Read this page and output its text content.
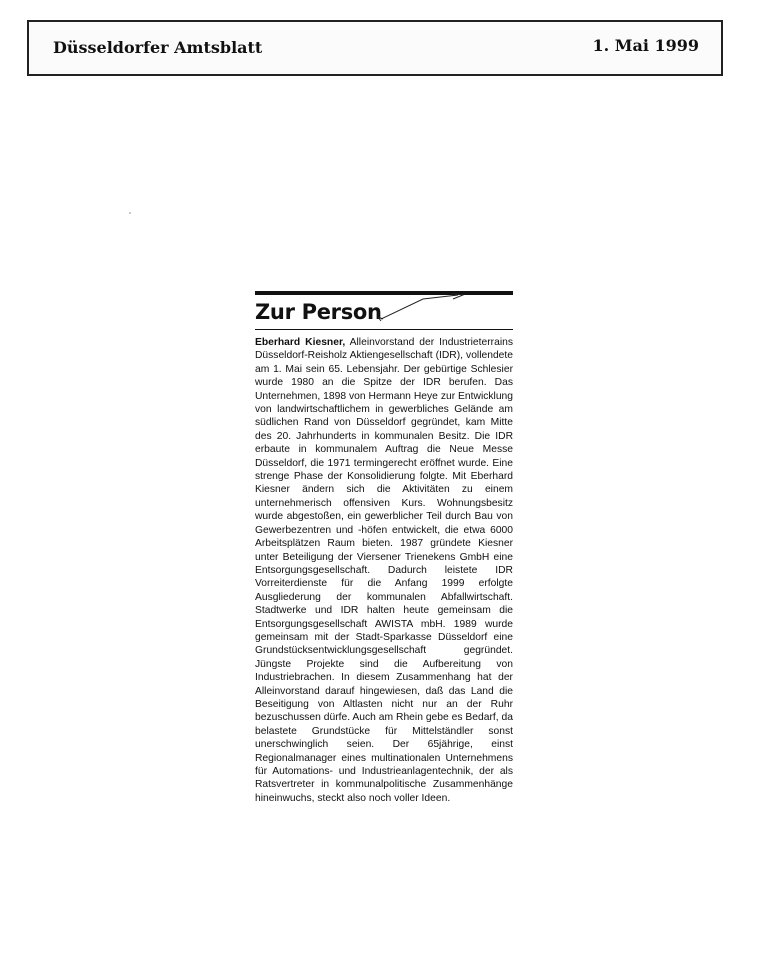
Düsseldorfer Amtsblatt	1. Mai 1999
Zur Person

Eberhard Kiesner, Alleinvorstand der Industrieterrains Düsseldorf-Reisholz Aktiengesellschaft (IDR), vollendete am 1. Mai sein 65. Lebensjahr. Der gebürtige Schlesier wurde 1980 an die Spitze der IDR berufen. Das Unternehmen, 1898 von Hermann Heye zur Entwicklung von landwirtschaftlichem in gewerbliches Gelände am südlichen Rand von Düsseldorf gegründet, kam Mitte des 20. Jahrhunderts in kommunalen Besitz. Die IDR erbaute in kommunalem Auftrag die Neue Messe Düsseldorf, die 1971 termingerecht eröffnet wurde. Eine strenge Phase der Konsolidierung folgte. Mit Eberhard Kiesner ändern sich die Aktivitäten zu einem unternehmerisch offensiven Kurs. Wohnungsbesitz wurde abgestoßen, ein gewerblicher Teil durch Bau von Gewerbezentren und -höfen entwickelt, die etwa 6000 Arbeitsplätzen Raum bieten. 1987 gründete Kiesner unter Beteiligung der Viersener Trienekens GmbH eine Entsorgungsgesellschaft. Dadurch leistete IDR Vorreiterdienste für die Anfang 1999 erfolgte Ausgliederung der kommunalen Abfallwirtschaft. Stadtwerke und IDR halten heute gemeinsam die Entsorgungsgesellschaft AWISTA mbH. 1989 wurde gemeinsam mit der Stadt-Sparkasse Düsseldorf eine Grundstücksentwicklungsgesellschaft gegründet. Jüngste Projekte sind die Aufbereitung von Industriebrachen. In diesem Zusammenhang hat der Alleinvorstand darauf hingewiesen, daß das Land die Beseitigung von Altlasten nicht nur an der Ruhr bezuschussen dürfe. Auch am Rhein gebe es Bedarf, da belastete Grundstücke für Mittelständler sonst unerschwinglich seien. Der 65jährige, einst Regionalmanager eines multinationalen Unternehmens für Automations- und Industrieanlagentechnik, der als Ratsvertreter in kommunalpolitische Zusammenhänge hineinwuchs, steckt also noch voller Ideen.
